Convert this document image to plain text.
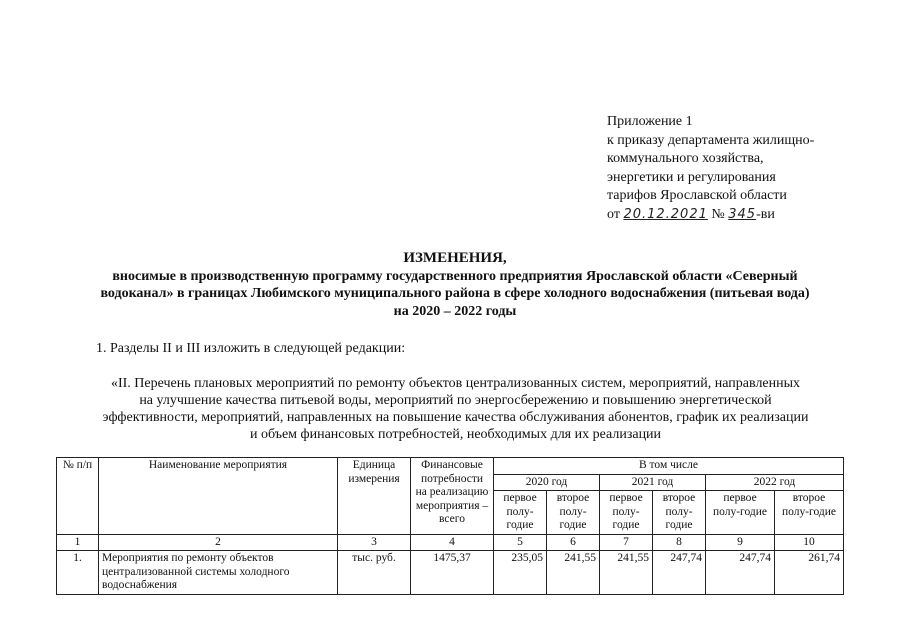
Приложение 1
к приказу департамента жилищно-
коммунального хозяйства,
энергетики и регулирования
тарифов Ярославской области
от 20.12.2021 № 345-ви
ИЗМЕНЕНИЯ,
вносимые в производственную программу государственного предприятия Ярославской области «Северный
водоканал» в границах Любимского муниципального района в сфере холодного водоснабжения (питьевая вода)
на 2020 – 2022 годы
1. Разделы II и III изложить в следующей редакции:
«II. Перечень плановых мероприятий по ремонту объектов централизованных систем, мероприятий, направленных
на улучшение качества питьевой воды, мероприятий по энергосбережению и повышению энергетической
эффективности, мероприятий, направленных на повышение качества обслуживания абонентов, график их реализации
и объем финансовых потребностей, необходимых для их реализации
№ п/п	Наименование мероприятия	Единица измерения	Финансовые потребности на реализацию мероприятия – всего	В том числе					
				2020 год		2021 год		2022 год	
				первое полу-годие	второе полу-годие	первое полу-годие	второе полу-годие	первое полу-годие	второе полу-годие
1	2	3	4	5	6	7	8	9	10
1.	Мероприятия по ремонту объектов централизованной системы холодного водоснабжения	тыс. руб.	1475,37	235,05	241,55	241,55	247,74	247,74	261,74
